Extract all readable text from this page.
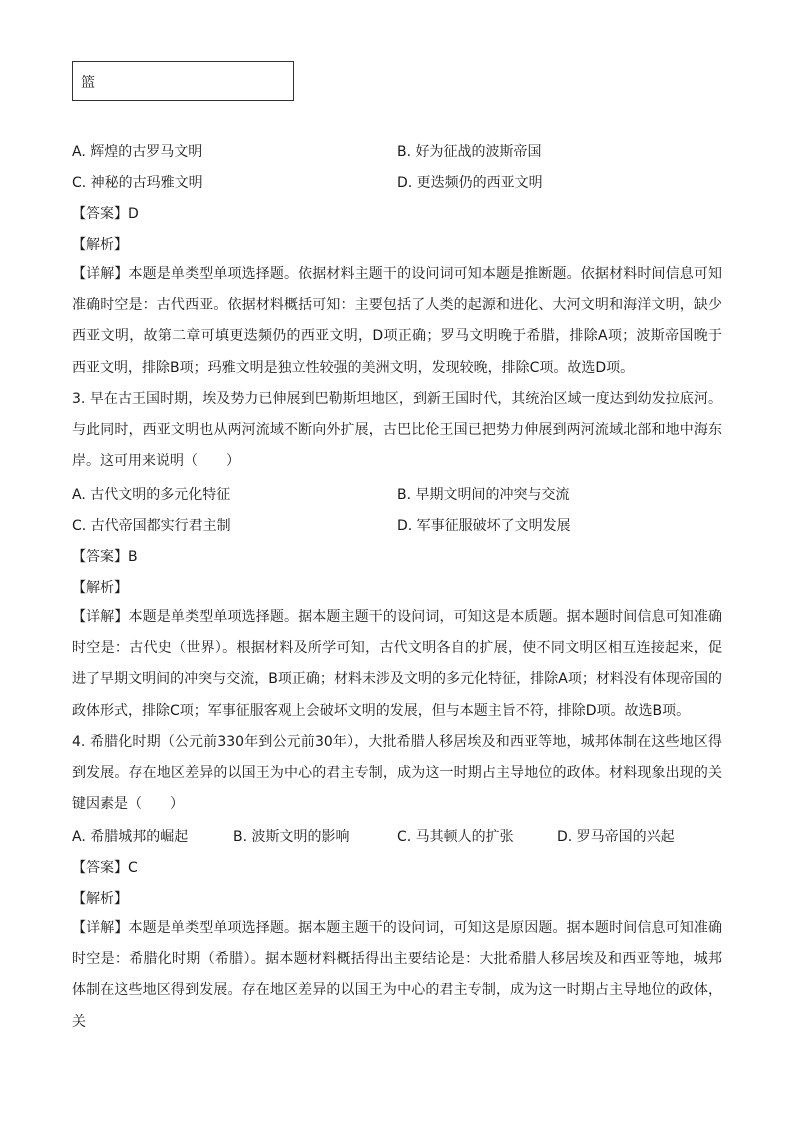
篮
A. 辉煌的古罗马文明	B. 好为征战的波斯帝国
C. 神秘的古玛雅文明	D. 更迭频仍的西亚文明
【答案】D
【解析】
【详解】本题是单类型单项选择题。依据材料主题干的设问词可知本题是推断题。依据材料时间信息可知准确时空是：古代西亚。依据材料概括可知：主要包括了人类的起源和进化、大河文明和海洋文明，缺少西亚文明，故第二章可填更迭频仍的西亚文明，D项正确；罗马文明晚于希腊，排除A项；波斯帝国晚于西亚文明，排除B项；玛雅文明是独立性较强的美洲文明，发现较晚，排除C项。故选D项。
3. 早在古王国时期，埃及势力已伸展到巴勒斯坦地区，到新王国时代，其统治区域一度达到幼发拉底河。与此同时，西亚文明也从两河流域不断向外扩展，古巴比伦王国已把势力伸展到两河流域北部和地中海东岸。这可用来说明（　　）
A. 古代文明的多元化特征	B. 早期文明间的冲突与交流
C. 古代帝国都实行君主制	D. 军事征服破坏了文明发展
【答案】B
【解析】
【详解】本题是单类型单项选择题。据本题主题干的设问词，可知这是本质题。据本题时间信息可知准确时空是：古代史（世界）。根据材料及所学可知，古代文明各自的扩展，使不同文明区相互连接起来，促进了早期文明间的冲突与交流，B项正确；材料未涉及文明的多元化特征，排除A项；材料没有体现帝国的政体形式，排除C项；军事征服客观上会破坏文明的发展，但与本题主旨不符，排除D项。故选B项。
4. 希腊化时期（公元前330年到公元前30年），大批希腊人移居埃及和西亚等地，城邦体制在这些地区得到发展。存在地区差异的以国王为中心的君主专制，成为这一时期占主导地位的政体。材料现象出现的关键因素是（　　）
A. 希腊城邦的崛起	B. 波斯文明的影响	C. 马其顿人的扩张	D. 罗马帝国的兴起
【答案】C
【解析】
【详解】本题是单类型单项选择题。据本题主题干的设问词，可知这是原因题。据本题时间信息可知准确时空是：希腊化时期（希腊）。据本题材料概括得出主要结论是：大批希腊人移居埃及和西亚等地，城邦体制在这些地区得到发展。存在地区差异的以国王为中心的君主专制，成为这一时期占主导地位的政体，关
